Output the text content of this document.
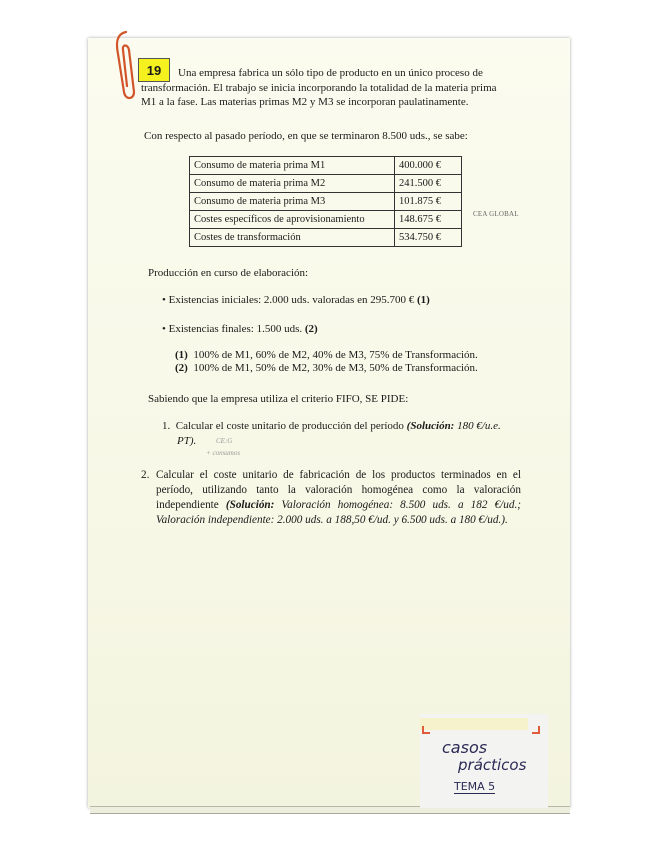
19	Una empresa fabrica un sólo tipo de producto en un único proceso de
transformación. El trabajo se inicia incorporando la totalidad de la materia prima
M1 a la fase. Las materias primas M2 y M3 se incorporan paulatinamente.
Con respecto al pasado período, en que se terminaron 8.500 uds., se sabe:
Consumo de materia prima M1	400.000 €
Consumo de materia prima M2	241.500 €
Consumo de materia prima M3	101.875 €
Costes específicos de aprovisionamiento	148.675 €
Costes de transformación	534.750 €
CEA GLOBAL
Producción en curso de elaboración:
• Existencias iniciales: 2.000 uds. valoradas en 295.700 € (1)
• Existencias finales: 1.500 uds. (2)
(1) 100% de M1, 60% de M2, 40% de M3, 75% de Transformación.
(2) 100% de M1, 50% de M2, 30% de M3, 50% de Transformación.
Sabiendo que la empresa utiliza el criterio FIFO, SE PIDE:
1. Calcular el coste unitario de producción del período (Solución: 180 €/u.e.
PT).	CE:G
+ consumos
2. Calcular el coste unitario de fabricación de los productos terminados en el período, utilizando tanto la valoración homogénea como la valoración independiente (Solución: Valoración homogénea: 8.500 uds. a 182 €/ud.; Valoración independiente: 2.000 uds. a 188,50 €/ud. y 6.500 uds. a 180 €/ud.).
casos
prácticos
TEMA 5
